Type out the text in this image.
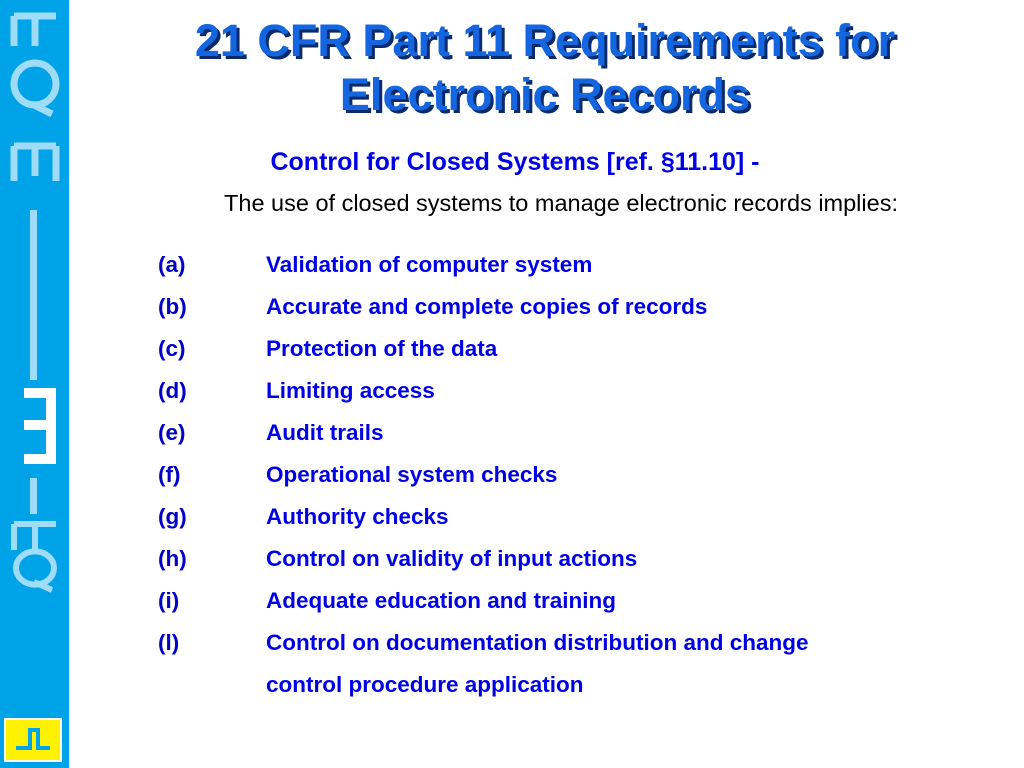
21 CFR Part 11 Requirements for
Electronic Records

Control for Closed Systems [ref. §11.10] -

The use of closed systems to manage electronic records implies:

(a)	Validation of computer system
(b)	Accurate and complete copies of records
(c)	Protection of the data
(d)	Limiting access
(e)	Audit trails
(f)	Operational system checks
(g)	Authority checks
(h)	Control on validity of input actions
(i)	Adequate education and training
(l)	Control on documentation distribution and change
control procedure application
